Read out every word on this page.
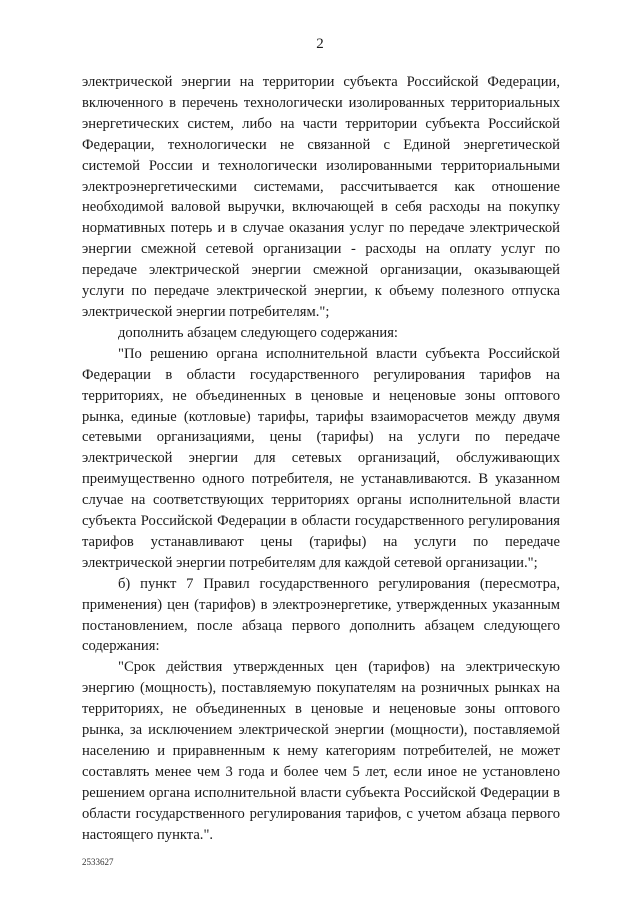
2

электрической энергии на территории субъекта Российской Федерации, включенного в перечень технологически изолированных территориальных энергетических систем, либо на части территории субъекта Российской Федерации, технологически не связанной с Единой энергетической системой России и технологически изолированными территориальными электроэнергетическими системами, рассчитывается как отношение необходимой валовой выручки, включающей в себя расходы на покупку нормативных потерь и в случае оказания услуг по передаче электрической энергии смежной сетевой организации - расходы на оплату услуг по передаче электрической энергии смежной организации, оказывающей услуги по передаче электрической энергии, к объему полезного отпуска электрической энергии потребителям.";

дополнить абзацем следующего содержания:

"По решению органа исполнительной власти субъекта Российской Федерации в области государственного регулирования тарифов на территориях, не объединенных в ценовые и неценовые зоны оптового рынка, единые (котловые) тарифы, тарифы взаиморасчетов между двумя сетевыми организациями, цены (тарифы) на услуги по передаче электрической энергии для сетевых организаций, обслуживающих преимущественно одного потребителя, не устанавливаются. В указанном случае на соответствующих территориях органы исполнительной власти субъекта Российской Федерации в области государственного регулирования тарифов устанавливают цены (тарифы) на услуги по передаче электрической энергии потребителям для каждой сетевой организации.";

б) пункт 7 Правил государственного регулирования (пересмотра, применения) цен (тарифов) в электроэнергетике, утвержденных указанным постановлением, после абзаца первого дополнить абзацем следующего содержания:

"Срок действия утвержденных цен (тарифов) на электрическую энергию (мощность), поставляемую покупателям на розничных рынках на территориях, не объединенных в ценовые и неценовые зоны оптового рынка, за исключением электрической энергии (мощности), поставляемой населению и приравненным к нему категориям потребителей, не может составлять менее чем 3 года и более чем 5 лет, если иное не установлено решением органа исполнительной власти субъекта Российской Федерации в области государственного регулирования тарифов, с учетом абзаца первого настоящего пункта.".

2533627
